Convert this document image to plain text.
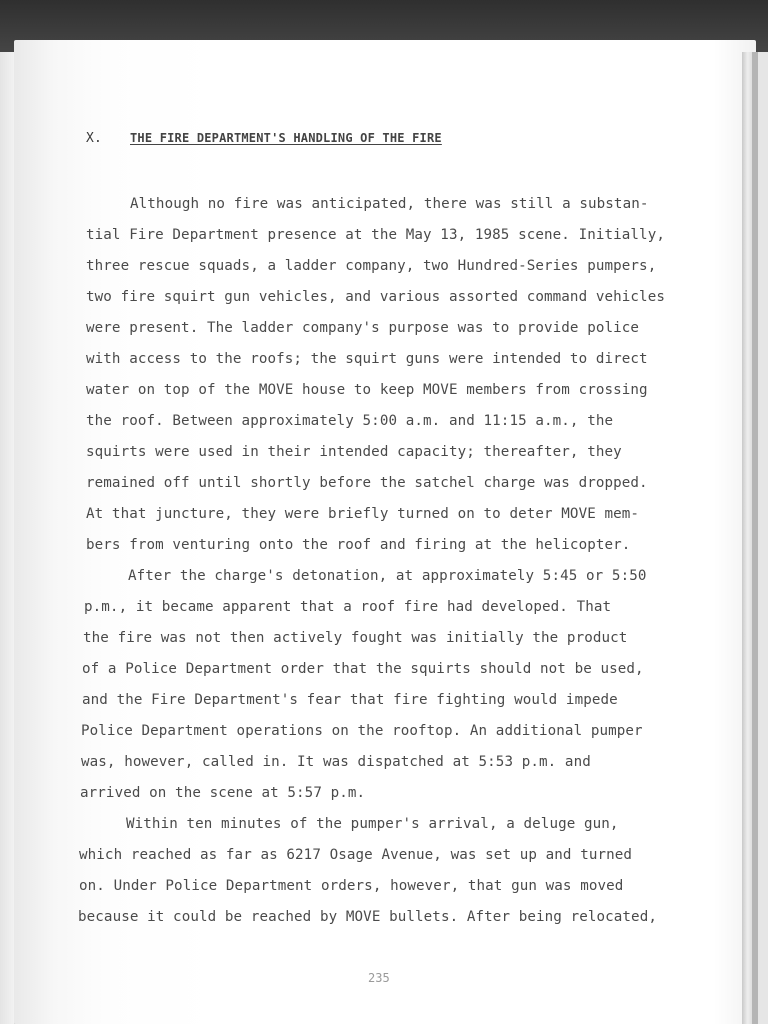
X. THE FIRE DEPARTMENT'S HANDLING OF THE FIRE
Although no fire was anticipated, there was still a substan-
tial Fire Department presence at the May 13, 1985 scene. Initially,
three rescue squads, a ladder company, two Hundred-Series pumpers,
two fire squirt gun vehicles, and various assorted command vehicles
were present. The ladder company's purpose was to provide police
with access to the roofs; the squirt guns were intended to direct
water on top of the MOVE house to keep MOVE members from crossing
the roof. Between approximately 5:00 a.m. and 11:15 a.m., the
squirts were used in their intended capacity; thereafter, they
remained off until shortly before the satchel charge was dropped.
At that juncture, they were briefly turned on to deter MOVE mem-
bers from venturing onto the roof and firing at the helicopter.
After the charge's detonation, at approximately 5:45 or 5:50
p.m., it became apparent that a roof fire had developed. That
the fire was not then actively fought was initially the product
of a Police Department order that the squirts should not be used,
and the Fire Department's fear that fire fighting would impede
Police Department operations on the rooftop. An additional pumper
was, however, called in. It was dispatched at 5:53 p.m. and
arrived on the scene at 5:57 p.m.
Within ten minutes of the pumper's arrival, a deluge gun,
which reached as far as 6217 Osage Avenue, was set up and turned
on. Under Police Department orders, however, that gun was moved
because it could be reached by MOVE bullets. After being relocated,
235
